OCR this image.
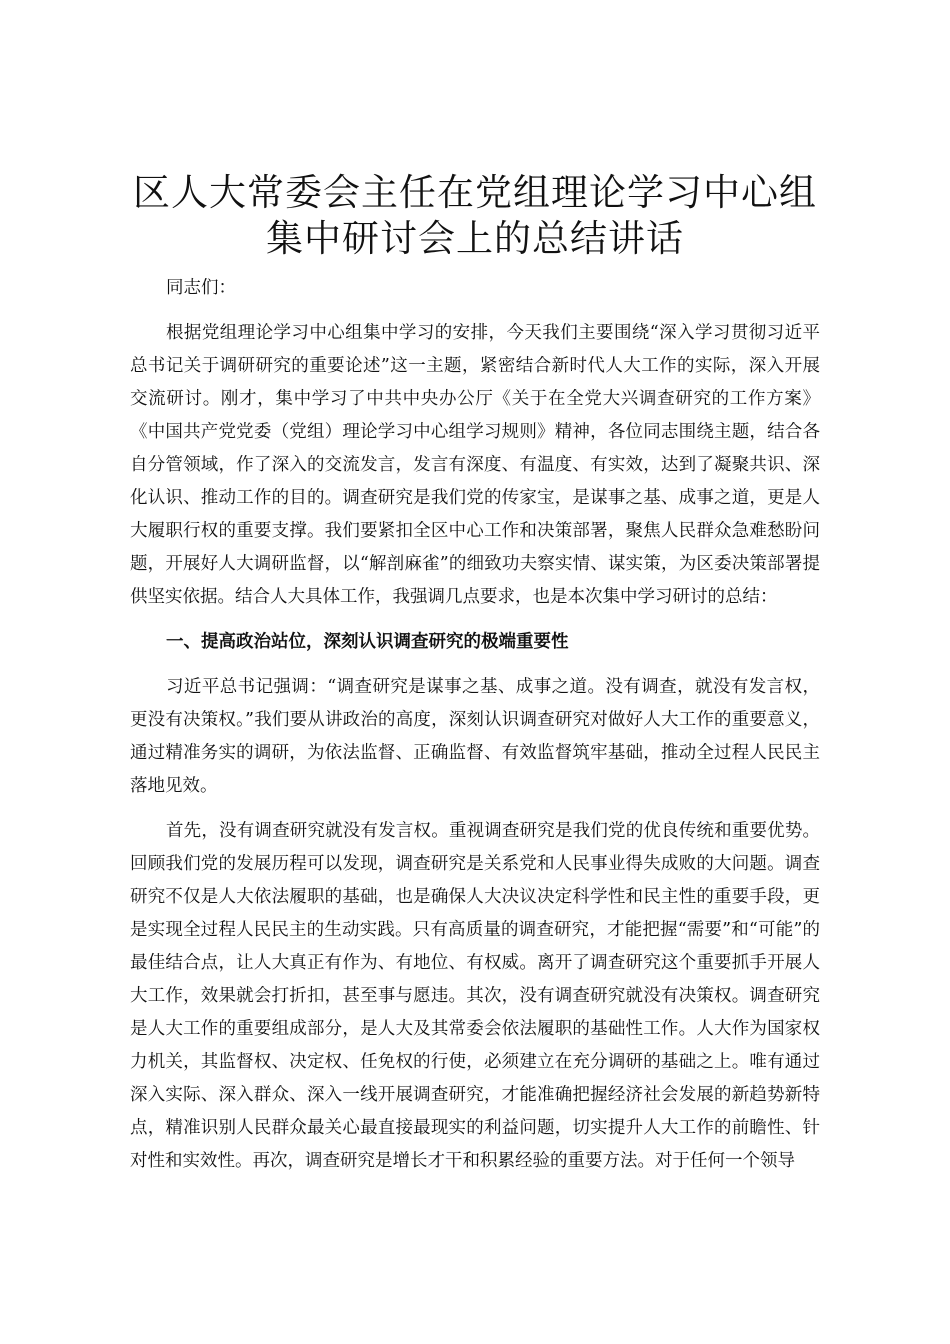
区人大常委会主任在党组理论学习中心组集中研讨会上的总结讲话

同志们：

根据党组理论学习中心组集中学习的安排，今天我们主要围绕“深入学习贯彻习近平总书记关于调研研究的重要论述”这一主题，紧密结合新时代人大工作的实际，深入开展交流研讨。刚才，集中学习了中共中央办公厅《关于在全党大兴调查研究的工作方案》《中国共产党党委（党组）理论学习中心组学习规则》精神，各位同志围绕主题，结合各自分管领域，作了深入的交流发言，发言有深度、有温度、有实效，达到了凝聚共识、深化认识、推动工作的目的。调查研究是我们党的传家宝，是谋事之基、成事之道，更是人大履职行权的重要支撑。我们要紧扣全区中心工作和决策部署，聚焦人民群众急难愁盼问题，开展好人大调研监督，以“解剖麻雀”的细致功夫察实情、谋实策，为区委决策部署提供坚实依据。结合人大具体工作，我强调几点要求，也是本次集中学习研讨的总结：

一、提高政治站位，深刻认识调查研究的极端重要性

习近平总书记强调：“调查研究是谋事之基、成事之道。没有调查，就没有发言权，更没有决策权。”我们要从讲政治的高度，深刻认识调查研究对做好人大工作的重要意义，通过精准务实的调研，为依法监督、正确监督、有效监督筑牢基础，推动全过程人民民主落地见效。

首先，没有调查研究就没有发言权。重视调查研究是我们党的优良传统和重要优势。回顾我们党的发展历程可以发现，调查研究是关系党和人民事业得失成败的大问题。调查研究不仅是人大依法履职的基础，也是确保人大决议决定科学性和民主性的重要手段，更是实现全过程人民民主的生动实践。只有高质量的调查研究，才能把握“需要”和“可能”的最佳结合点，让人大真正有作为、有地位、有权威。离开了调查研究这个重要抓手开展人大工作，效果就会打折扣，甚至事与愿违。其次，没有调查研究就没有决策权。调查研究是人大工作的重要组成部分，是人大及其常委会依法履职的基础性工作。人大作为国家权力机关，其监督权、决定权、任免权的行使，必须建立在充分调研的基础之上。唯有通过深入实际、深入群众、深入一线开展调查研究，才能准确把握经济社会发展的新趋势新特点，精准识别人民群众最关心最直接最现实的利益问题，切实提升人大工作的前瞻性、针对性和实效性。再次，调查研究是增长才干和积累经验的重要方法。对于任何一个领导
